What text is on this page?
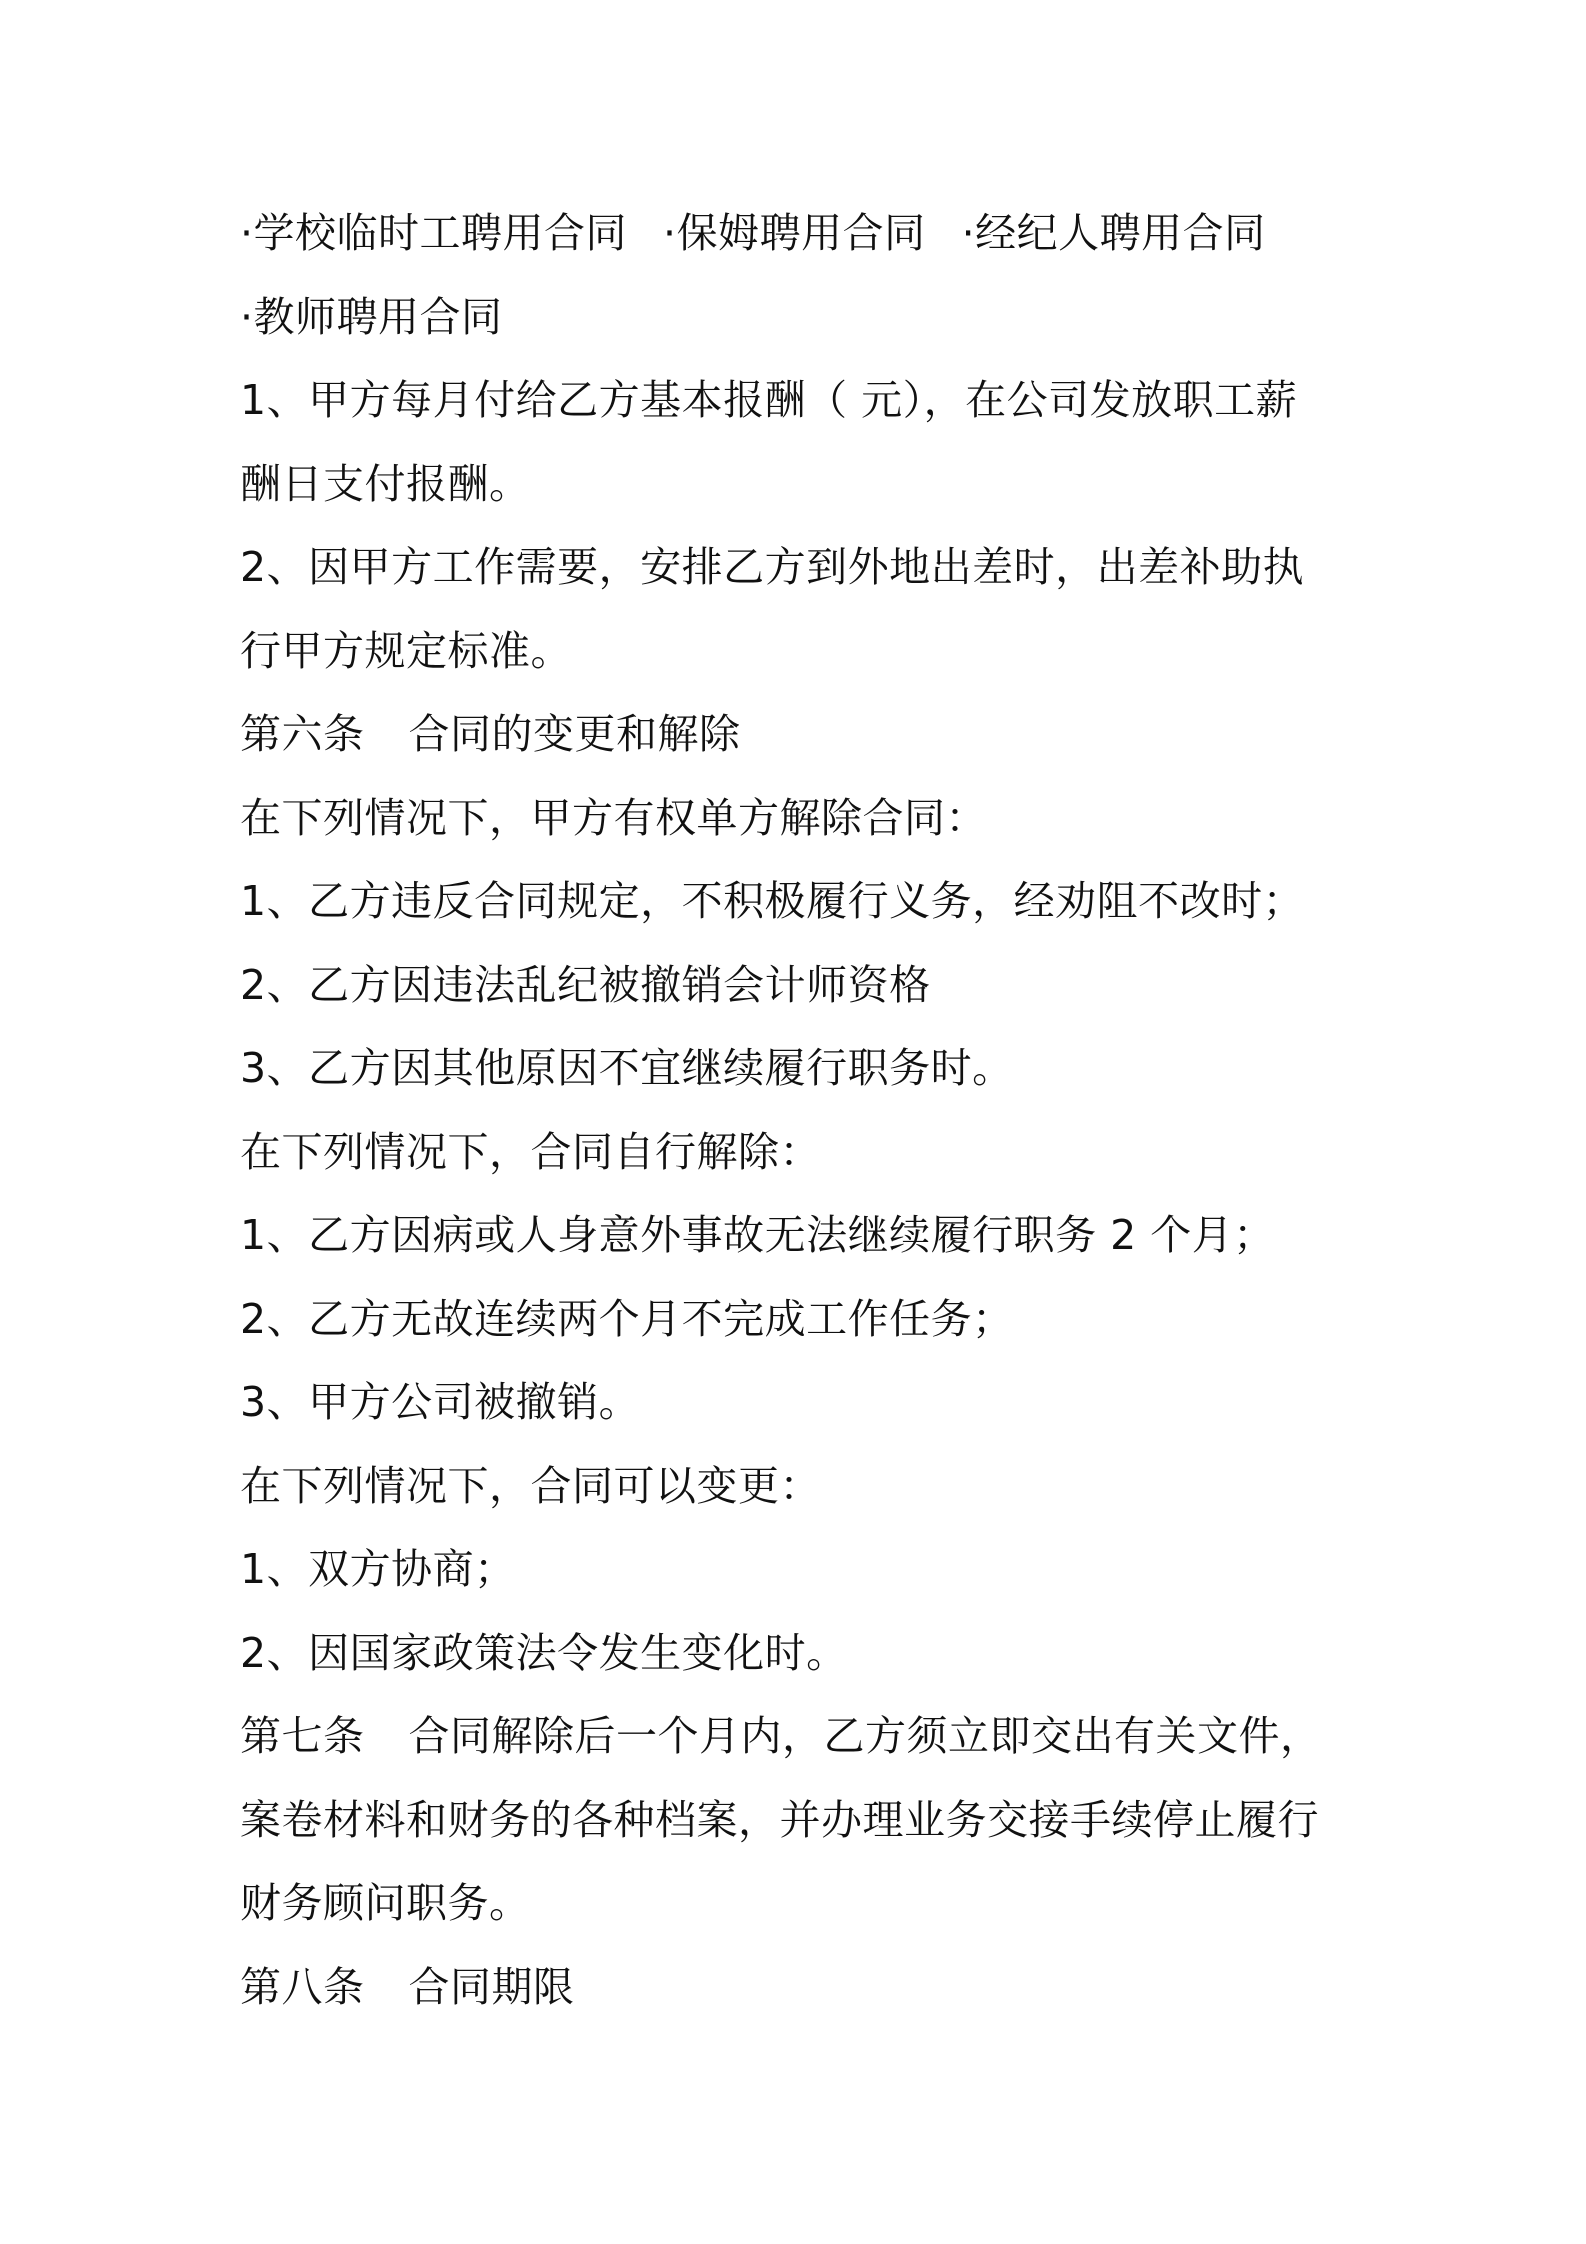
·学校临时工聘用合同 ·保姆聘用合同 ·经纪人聘用合同
·教师聘用合同
1、甲方每月付给乙方基本报酬（ 元），在公司发放职工薪
酬日支付报酬。
2、因甲方工作需要，安排乙方到外地出差时，出差补助执
行甲方规定标准。
第六条 合同的变更和解除
在下列情况下，甲方有权单方解除合同：
1、乙方违反合同规定，不积极履行义务，经劝阻不改时；
2、乙方因违法乱纪被撤销会计师资格
3、乙方因其他原因不宜继续履行职务时。
在下列情况下，合同自行解除：
1、乙方因病或人身意外事故无法继续履行职务 2 个月；
2、乙方无故连续两个月不完成工作任务；
3、甲方公司被撤销。
在下列情况下，合同可以变更：
1、双方协商；
2、因国家政策法令发生变化时。
第七条 合同解除后一个月内，乙方须立即交出有关文件，
案卷材料和财务的各种档案，并办理业务交接手续停止履行
财务顾问职务。
第八条 合同期限
